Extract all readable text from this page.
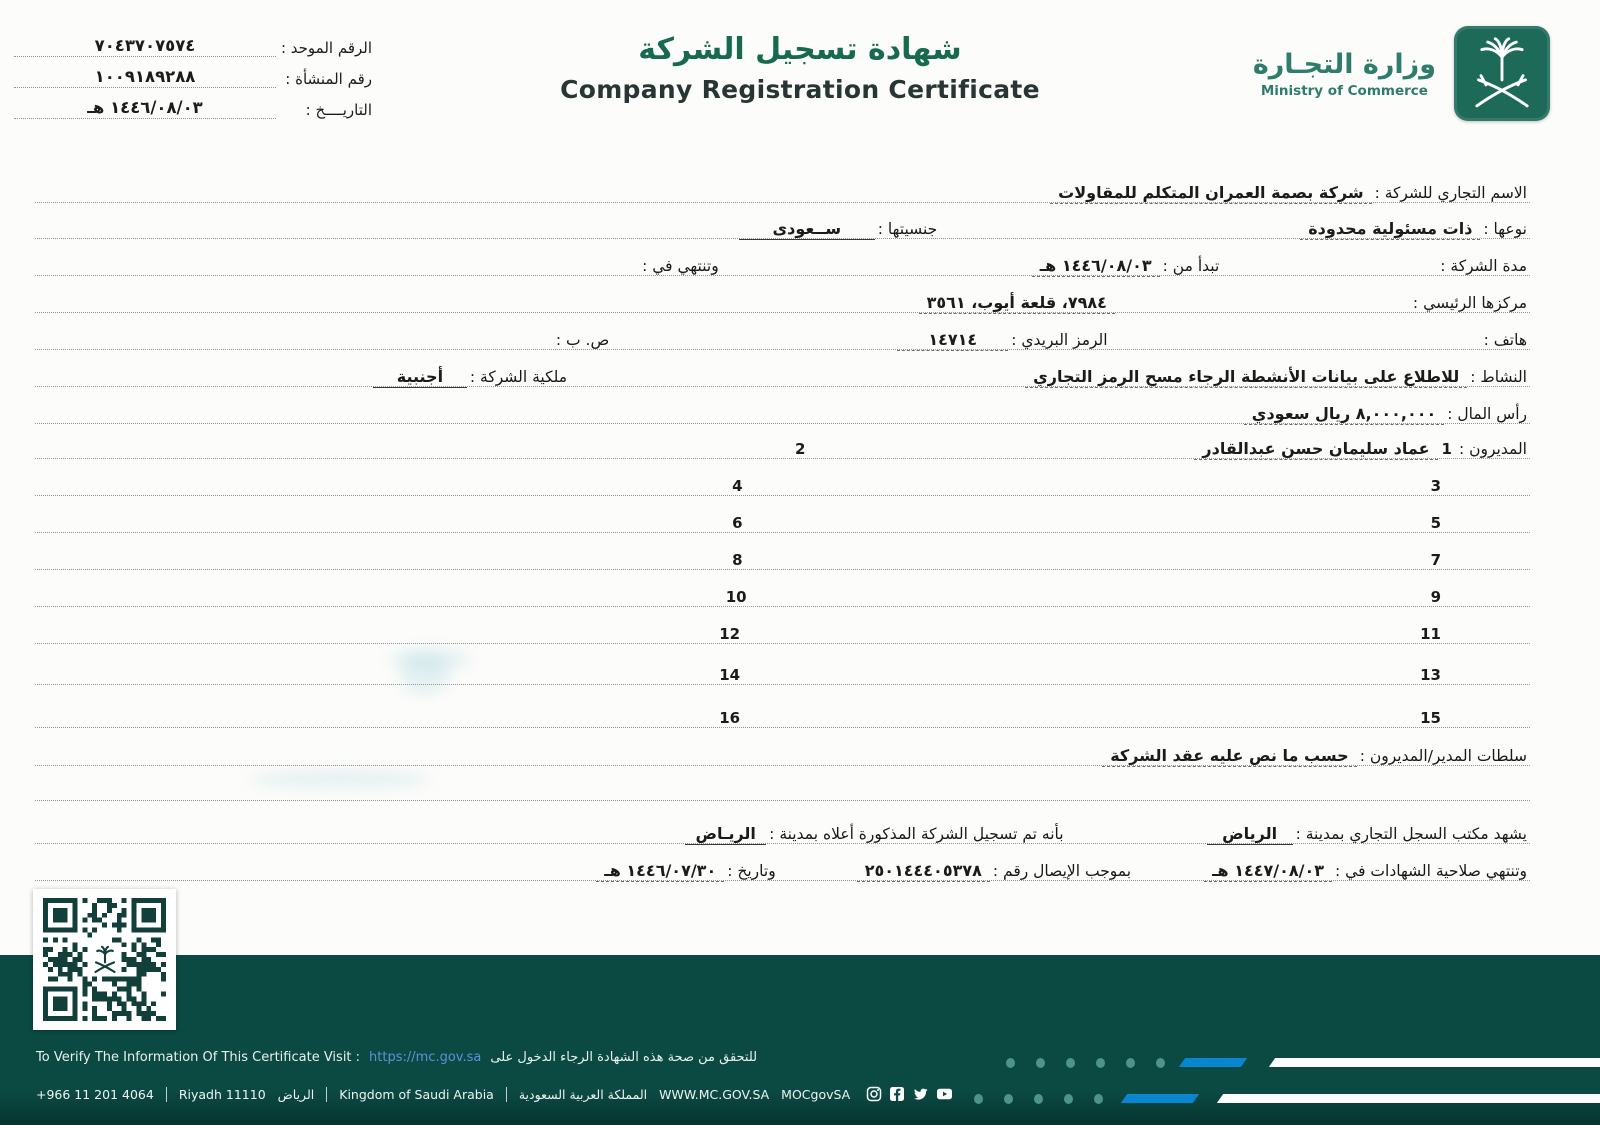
الرقم الموحد :
٧٠٤٣٧٠٧٥٧٤
رقم المنشأة :
١٠٠٩١٨٩٢٨٨
التاريــــخ :
١٤٤٦/٠٨/٠٣ هـ
شهادة تسجيل الشركة
Company Registration Certificate
وزارة التجـارة
Ministry of Commerce
الاسم التجاري للشركة :
شركة بصمة العمران المتكلم للمقاولات
نوعها :
ذات مسئولية محدودة
جنسيتها :
ســعودى
مدة الشركة :
تبدأ من :
١٤٤٦/٠٨/٠٣ هـ
وتنتهي في :
مركزها الرئيسي :
٧٩٨٤، قلعة أيوب، ٣٥٦١
هاتف :
الرمز البريدي :
١٤٧١٤
ص. ب :
النشاط :
للاطلاع على بيانات الأنشطة الرجاء مسح الرمز التجاري
ملكية الشركة :
أجنبية
رأس المال :
٨,٠٠٠,٠٠٠ ريال سعودي
المديرون :
1
عماد سليمان حسن عبدالقادر
2
3
4
5
6
7
8
9
10
11
12
13
14
15
16
سلطات المدير/المديرون :
حسب ما نص عليه عقد الشركة
يشهد مكتب السجل التجاري بمدينة :
الرياض
بأنه تم تسجيل الشركة المذكورة أعلاه بمدينة :
الريـاض
وتنتهي صلاحية الشهادات في :
١٤٤٧/٠٨/٠٣ هـ
بموجب الإيصال رقم :
٢٥٠١٤٤٤٠٥٣٧٨
وتاريخ :
١٤٤٦/٠٧/٣٠ هـ
To Verify The Information Of This Certificate Visit : https://mc.gov.sa للتحقق من صحة هذه الشهادة الرجاء الدخول على
+966 11 201 4064 Riyadh 11110 الرياض Kingdom of Saudi Arabia المملكة العربية السعودية WWW.MC.GOV.SA MOCgovSA
